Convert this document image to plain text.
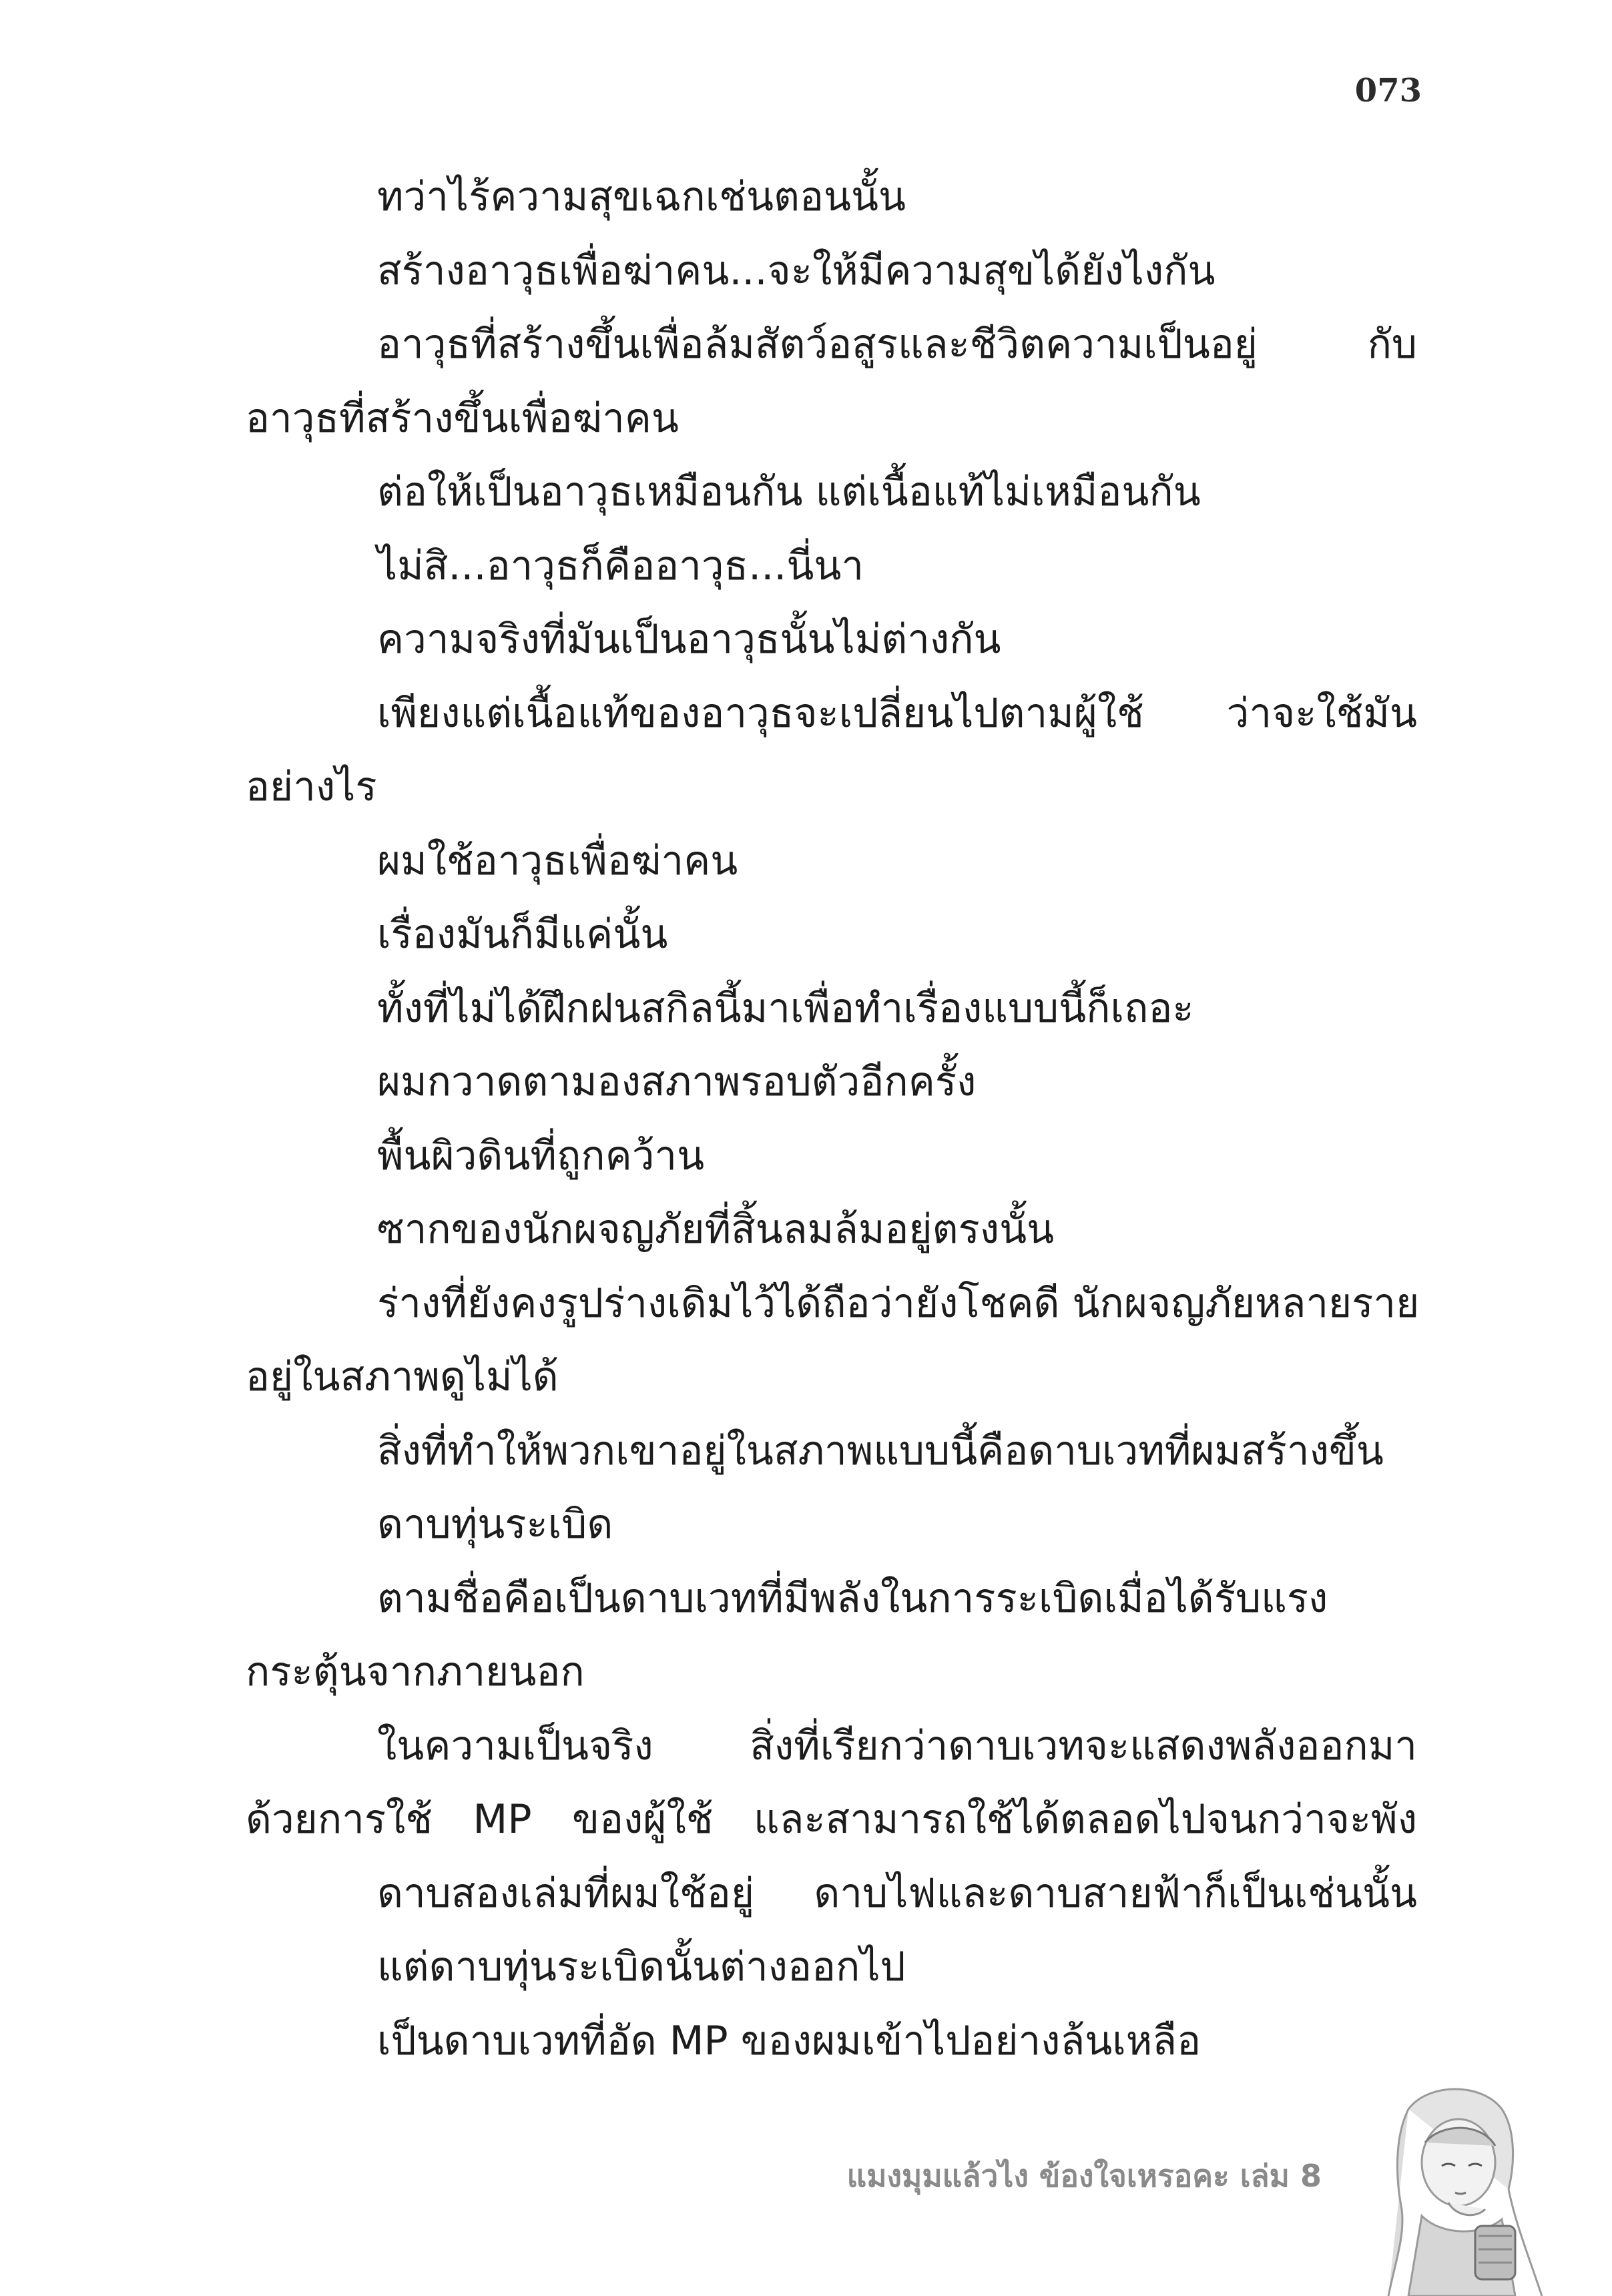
073
ทว่าไร้ความสุขเฉกเช่นตอนนั้น
สร้างอาวุธเพื่อฆ่าคน...จะให้มีความสุขได้ยังไงกัน
อาวุธที่สร้างขึ้นเพื่อล้มสัตว์อสูรและชีวิตความเป็นอยู่ กับ
อาวุธที่สร้างขึ้นเพื่อฆ่าคน
ต่อให้เป็นอาวุธเหมือนกัน แต่เนื้อแท้ไม่เหมือนกัน
ไม่สิ...อาวุธก็คืออาวุธ...นี่นา
ความจริงที่มันเป็นอาวุธนั้นไม่ต่างกัน
เพียงแต่เนื้อแท้ของอาวุธจะเปลี่ยนไปตามผู้ใช้ ว่าจะใช้มัน
อย่างไร
ผมใช้อาวุธเพื่อฆ่าคน
เรื่องมันก็มีแค่นั้น
ทั้งที่ไม่ได้ฝึกฝนสกิลนี้มาเพื่อทำเรื่องแบบนี้ก็เถอะ
ผมกวาดตามองสภาพรอบตัวอีกครั้ง
พื้นผิวดินที่ถูกคว้าน
ซากของนักผจญภัยที่สิ้นลมล้มอยู่ตรงนั้น
ร่างที่ยังคงรูปร่างเดิมไว้ได้ถือว่ายังโชคดี นักผจญภัยหลายราย
อยู่ในสภาพดูไม่ได้
สิ่งที่ทำให้พวกเขาอยู่ในสภาพแบบนี้คือดาบเวทที่ผมสร้างขึ้น
ดาบทุ่นระเบิด
ตามชื่อคือเป็นดาบเวทที่มีพลังในการระเบิดเมื่อได้รับแรง
กระตุ้นจากภายนอก
ในความเป็นจริง สิ่งที่เรียกว่าดาบเวทจะแสดงพลังออกมา
ด้วยการใช้ MP ของผู้ใช้ และสามารถใช้ได้ตลอดไปจนกว่าจะพัง
ดาบสองเล่มที่ผมใช้อยู่ ดาบไฟและดาบสายฟ้าก็เป็นเช่นนั้น
แต่ดาบทุ่นระเบิดนั้นต่างออกไป
เป็นดาบเวทที่อัด MP ของผมเข้าไปอย่างล้นเหลือ
แมงมุมแล้วไง ข้องใจเหรอคะ เล่ม 8
